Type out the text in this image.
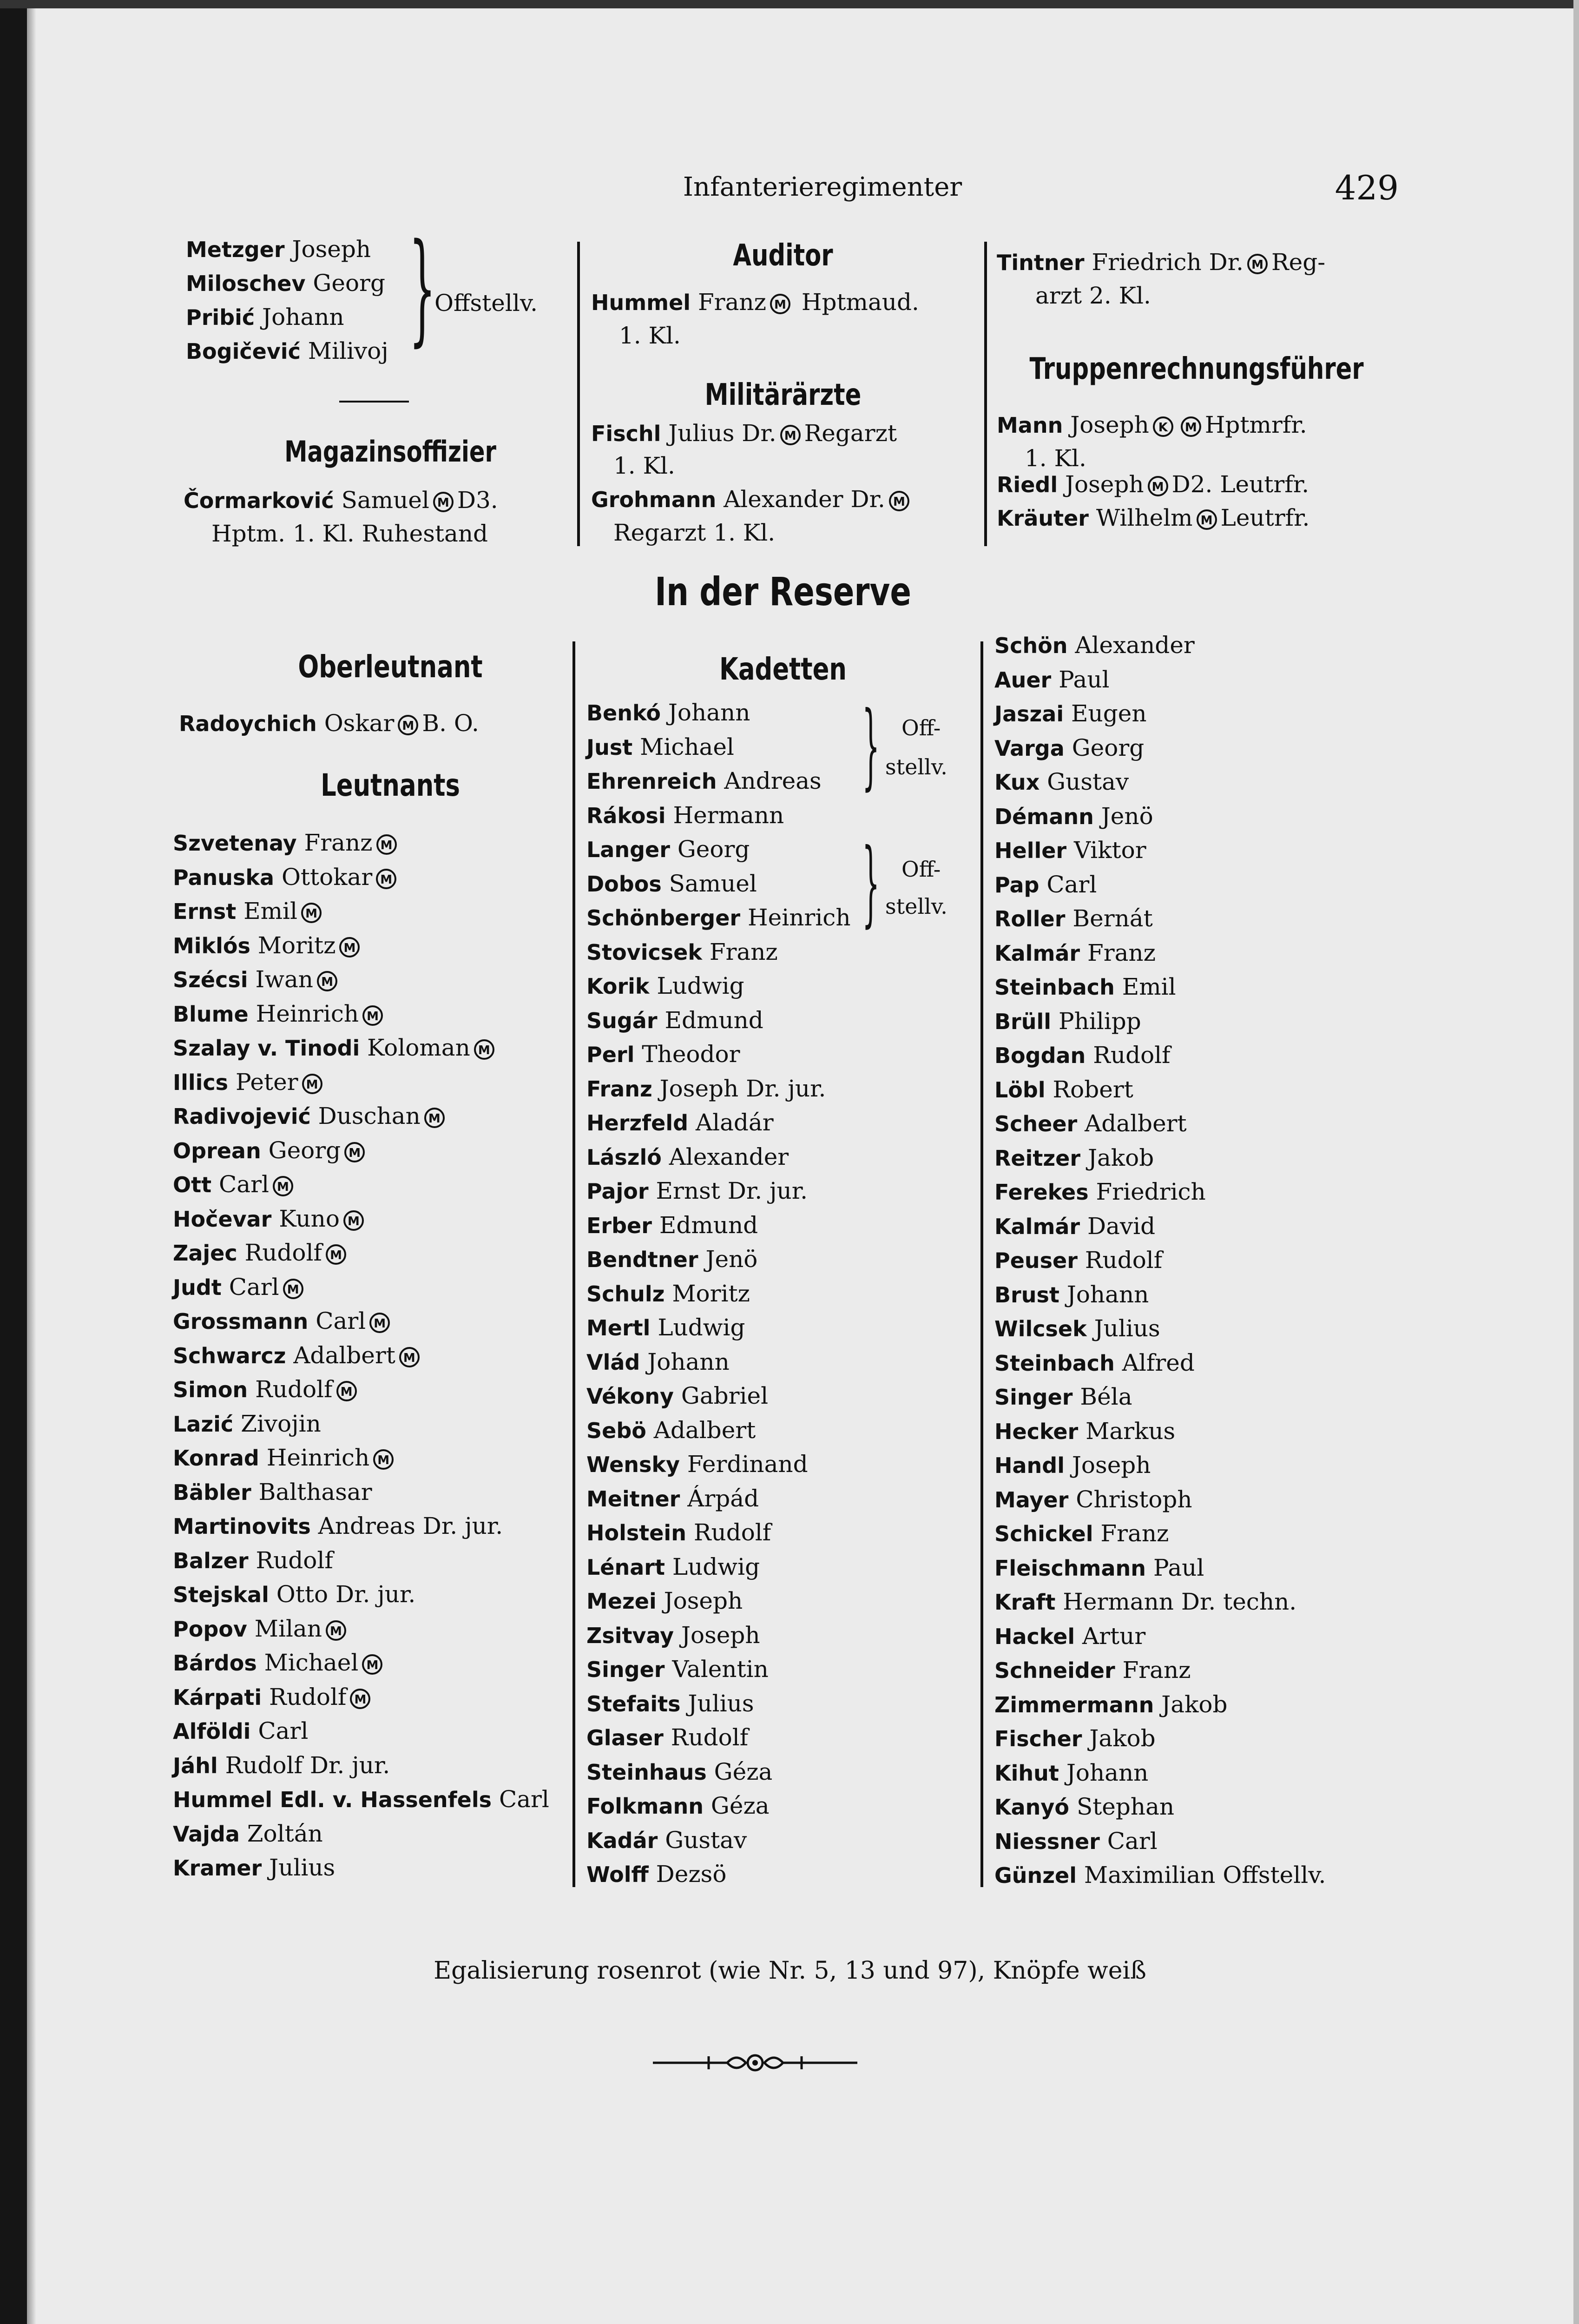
Infanterieregimenter	429
Metzger Joseph
Miloschev Georg
Pribić Johann
Bogičević Milivoj }
Offstellv.
Magazinsoffizier
Čormarković Samuel M D3.
Hptm. 1. Kl. Ruhestand
Auditor
Hummel Franz M Hptmaud.
1. Kl.
Militärärzte
Fischl Julius Dr. M Regarzt
1. Kl.
Grohmann Alexander Dr. M
Regarzt 1. Kl.
Tintner Friedrich Dr. M Reg-
arzt 2. Kl.
Truppenrechnungsführer
Mann Joseph K M Hptmrfr.
1. Kl.
Riedl Joseph M D2. Leutrfr.
Kräuter Wilhelm M Leutrfr.
In der Reserve
Oberleutnant
Radoychich Oskar M B. O.
Leutnants
Szvetenay Franz M
Panuska Ottokar M
Ernst Emil M
Miklós Moritz M
Szécsi Iwan M
Blume Heinrich M
Szalay v. Tinodi Koloman M
Illics Peter M
Radivojević Duschan M
Oprean Georg M
Ott Carl M
Hočevar Kuno M
Zajec Rudolf M
Judt Carl M
Grossmann Carl M
Schwarcz Adalbert M
Simon Rudolf M
Lazić Zivojin
Konrad Heinrich M
Bäbler Balthasar
Martinovits Andreas Dr. jur.
Balzer Rudolf
Stejskal Otto Dr. jur.
Popov Milan M
Bárdos Michael M
Kárpati Rudolf M
Alföldi Carl
Jáhl Rudolf Dr. jur.
Hummel Edl. v. Hassenfels Carl
Vajda Zoltán
Kramer Julius
Kadetten
Benkó Johann
Just Michael
Ehrenreich Andreas
Rákosi Hermann
Langer Georg
Dobos Samuel
Schönberger Heinrich
Stovicsek Franz
Korik Ludwig
Sugár Edmund
Perl Theodor
Franz Joseph Dr. jur.
Herzfeld Aladár
László Alexander
Pajor Ernst Dr. jur.
Erber Edmund
Bendtner Jenö
Schulz Moritz
Mertl Ludwig
Vlád Johann
Vékony Gabriel
Sebö Adalbert
Wensky Ferdinand
Meitner Árpád
Holstein Rudolf
Lénart Ludwig
Mezei Joseph
Zsitvay Joseph
Singer Valentin
Stefaits Julius
Glaser Rudolf
Steinhaus Géza
Folkmann Géza
Kadár Gustav
Wolff Dezsö
} Off-
stellv.
} Off-
stellv.
Schön Alexander
Auer Paul
Jaszai Eugen
Varga Georg
Kux Gustav
Démann Jenö
Heller Viktor
Pap Carl
Roller Bernát
Kalmár Franz
Steinbach Emil
Brüll Philipp
Bogdan Rudolf
Löbl Robert
Scheer Adalbert
Reitzer Jakob
Ferekes Friedrich
Kalmár David
Peuser Rudolf
Brust Johann
Wilcsek Julius
Steinbach Alfred
Singer Béla
Hecker Markus
Handl Joseph
Mayer Christoph
Schickel Franz
Fleischmann Paul
Kraft Hermann Dr. techn.
Hackel Artur
Schneider Franz
Zimmermann Jakob
Fischer Jakob
Kihut Johann
Kanyó Stephan
Niessner Carl
Günzel Maximilian Offstellv.
Egalisierung rosenrot (wie Nr. 5, 13 und 97), Knöpfe weiß
